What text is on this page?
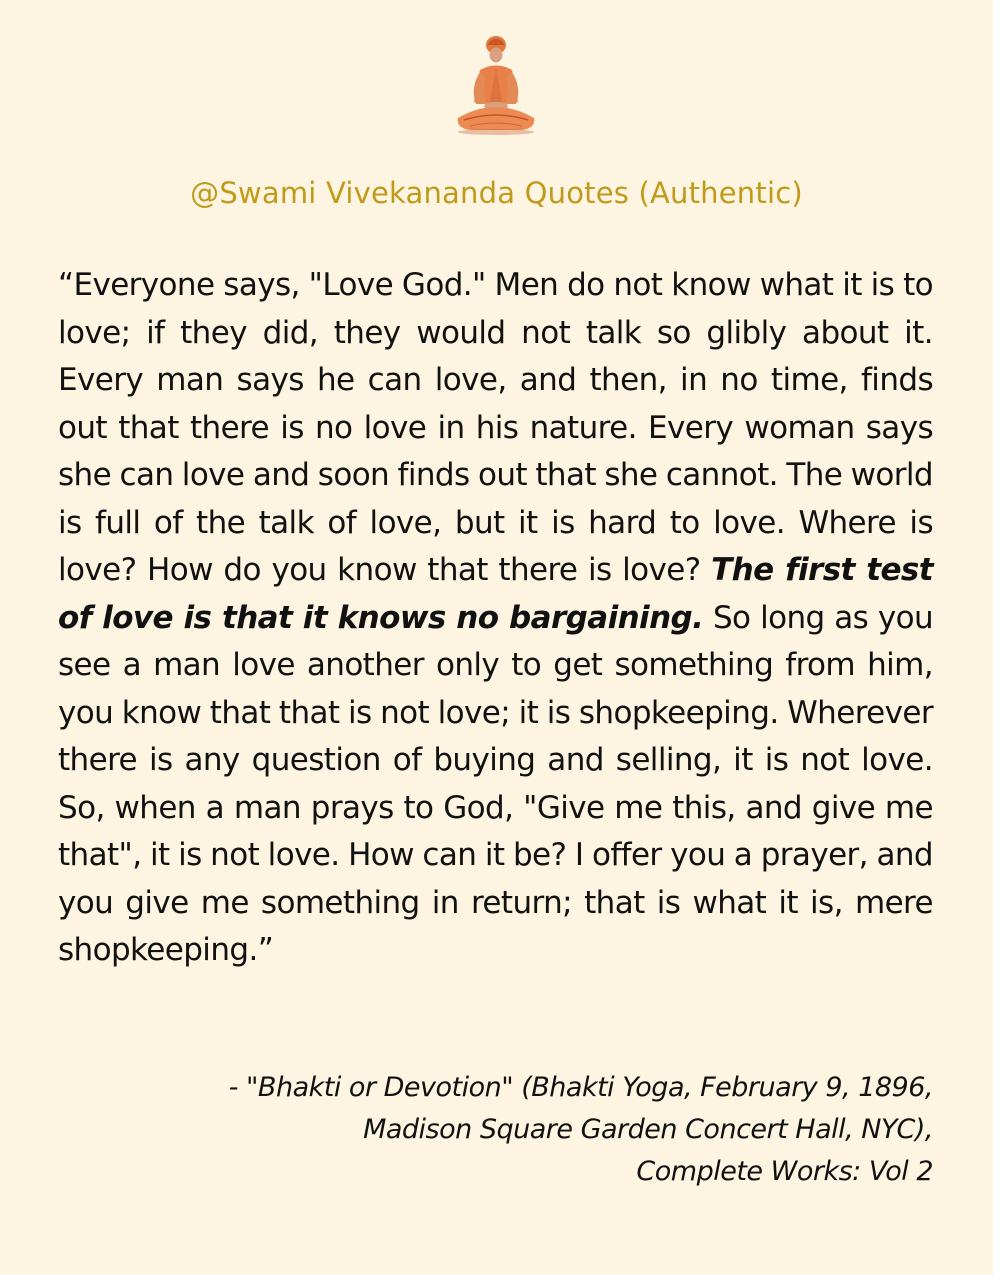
@Swami Vivekananda Quotes (Authentic)

“Everyone says, "Love God." Men do not know what it is to love; if they did, they would not talk so glibly about it. Every man says he can love, and then, in no time, finds out that there is no love in his nature. Every woman says she can love and soon finds out that she cannot. The world is full of the talk of love, but it is hard to love. Where is love? How do you know that there is love? The first test of love is that it knows no bargaining. So long as you see a man love another only to get something from him, you know that that is not love; it is shopkeeping. Wherever there is any question of buying and selling, it is not love. So, when a man prays to God, "Give me this, and give me that", it is not love. How can it be? I offer you a prayer, and you give me something in return; that is what it is, mere shopkeeping.”

- "Bhakti or Devotion" (Bhakti Yoga, February 9, 1896,
Madison Square Garden Concert Hall, NYC),
Complete Works: Vol 2
